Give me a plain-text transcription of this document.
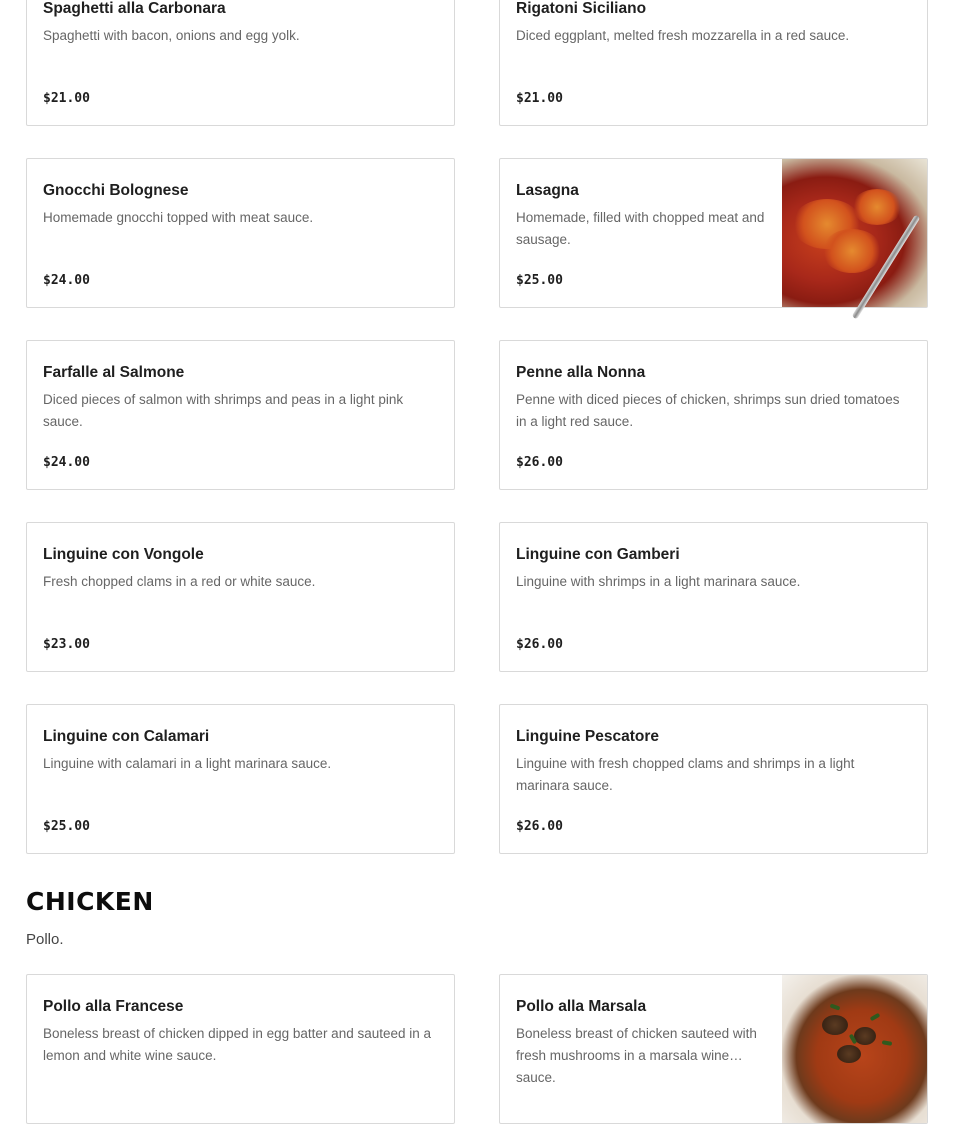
Spaghetti alla Carbonara

Spaghetti with bacon, onions and egg yolk.

$21.00
Rigatoni Siciliano

Diced eggplant, melted fresh mozzarella in a red sauce.

$21.00
Gnocchi Bolognese

Homemade gnocchi topped with meat sauce.

$24.00
Lasagna

Homemade, filled with chopped meat and sausage.

$25.00
Farfalle al Salmone

Diced pieces of salmon with shrimps and peas in a light pink sauce.

$24.00
Penne alla Nonna

Penne with diced pieces of chicken, shrimps sun dried tomatoes in a light red sauce.

$26.00
Linguine con Vongole

Fresh chopped clams in a red or white sauce.

$23.00
Linguine con Gamberi

Linguine with shrimps in a light marinara sauce.

$26.00
Linguine con Calamari

Linguine with calamari in a light marinara sauce.

$25.00
Linguine Pescatore

Linguine with fresh chopped clams and shrimps in a light marinara sauce.

$26.00
CHICKEN
Pollo.
Pollo alla Francese

Boneless breast of chicken dipped in egg batter and sauteed in a lemon and white wine sauce.

Pollo alla Marsala

Boneless breast of chicken sauteed with fresh mushrooms in a marsala wine sauce.
